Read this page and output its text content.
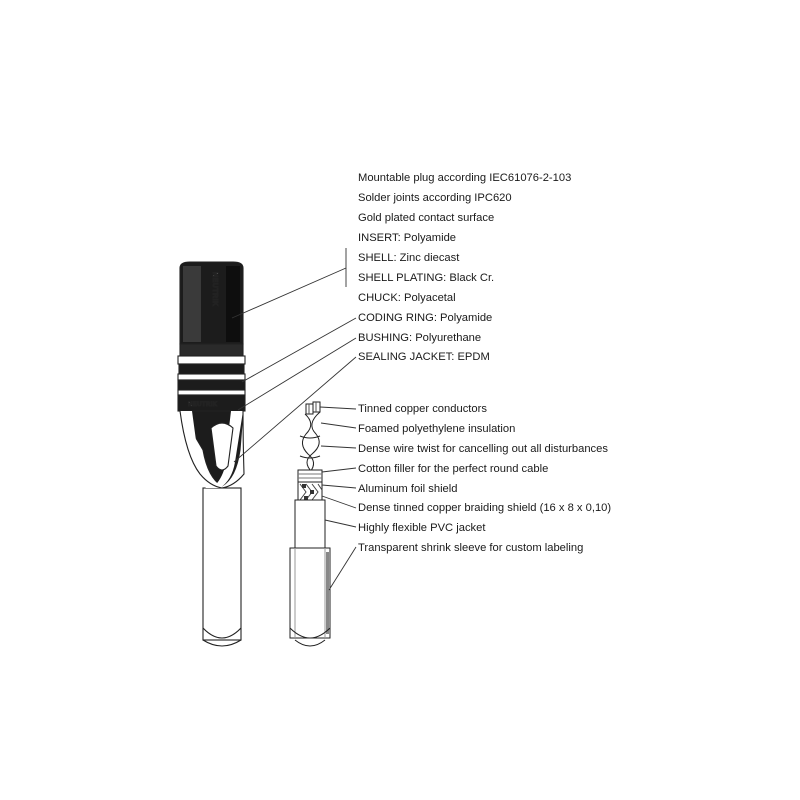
NEUTRIK
NEUTRIK
Mountable plug according IEC61076-2-103
Solder joints according IPC620
Gold plated contact surface
INSERT: Polyamide
SHELL: Zinc diecast
SHELL PLATING: Black Cr.
CHUCK: Polyacetal
CODING RING: Polyamide
BUSHING: Polyurethane
SEALING JACKET: EPDM
Tinned copper conductors
Foamed polyethylene insulation
Dense wire twist for cancelling out all disturbances
Cotton filler for the perfect round cable
Aluminum foil shield
Dense tinned copper braiding shield (16 x 8 x 0,10)
Highly flexible PVC jacket
Transparent shrink sleeve for custom labeling
